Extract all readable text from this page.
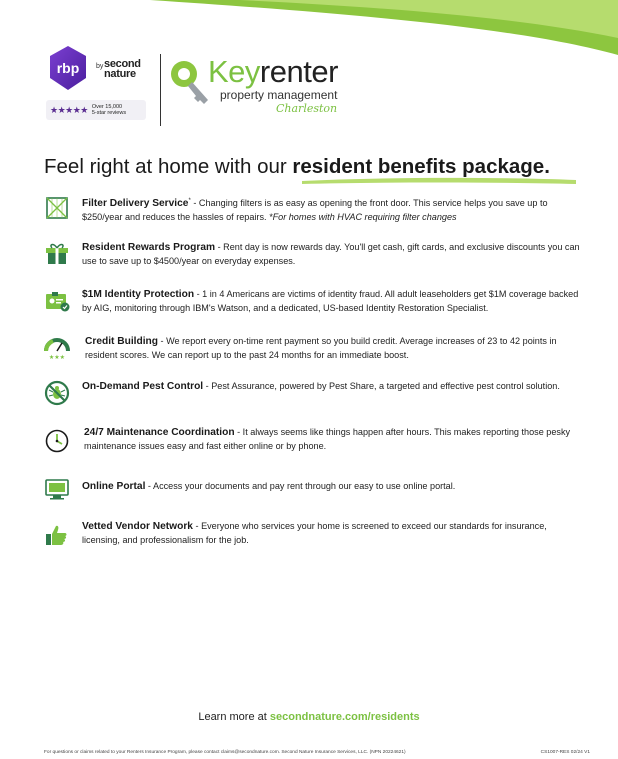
rbp by second nature
★★★★★ Over 15,000
5-star reviews
Keyrenter
property management
Charleston
Feel right at home with our resident benefits package.
Filter Delivery Service* - Changing filters is as easy as opening the front door. This service helps you save up to $250/year and reduces the hassles of repairs. *For homes with HVAC requiring filter changes
Resident Rewards Program - Rent day is now rewards day. You'll get cash, gift cards, and exclusive discounts you can use to save up to $4500/year on everyday expenses.
$1M Identity Protection - 1 in 4 Americans are victims of identity fraud. All adult leaseholders get $1M coverage backed by AIG, monitoring through IBM's Watson, and a dedicated, US-based Identity Restoration Specialist.
★★★
Credit Building - We report every on-time rent payment so you build credit. Average increases of 23 to 42 points in resident scores. We can report up to the past 24 months for an immediate boost.
On-Demand Pest Control - Pest Assurance, powered by Pest Share, a targeted and effective pest control solution.
24/7 Maintenance Coordination - It always seems like things happen after hours. This makes reporting those pesky maintenance issues easy and fast either online or by phone.
Online Portal - Access your documents and pay rent through our easy to use online portal.
Vetted Vendor Network - Everyone who services your home is screened to exceed our standards for insurance, licensing, and professionalism for the job.
Learn more at secondnature.com/residents
For questions or claims related to your Renters Insurance Program, please contact claims@secondnature.com. Second Nature Insurance Services, LLC. (NPN 20224621)	CS1007-RES 02/24 V1
